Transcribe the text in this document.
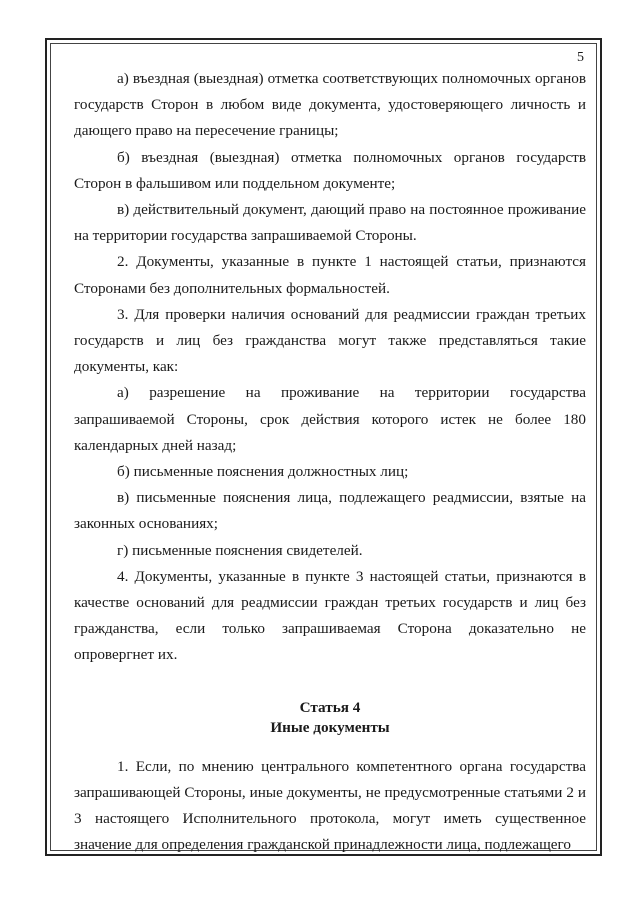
5

а) въездная (выездная) отметка соответствующих полномочных органов государств Сторон в любом виде документа, удостоверяющего личность и дающего право на пересечение границы;

б) въездная (выездная) отметка полномочных органов государств Сторон в фальшивом или поддельном документе;

в) действительный документ, дающий право на постоянное проживание на территории государства запрашиваемой Стороны.

2. Документы, указанные в пункте 1 настоящей статьи, признаются Сторонами без дополнительных формальностей.

3. Для проверки наличия оснований для реадмиссии граждан третьих государств и лиц без гражданства могут также представляться такие документы, как:

а) разрешение на проживание на территории государства запрашиваемой Стороны, срок действия которого истек не более 180 календарных дней назад;

б) письменные пояснения должностных лиц;

в) письменные пояснения лица, подлежащего реадмиссии, взятые на законных основаниях;

г) письменные пояснения свидетелей.

4. Документы, указанные в пункте 3 настоящей статьи, признаются в качестве оснований для реадмиссии граждан третьих государств и лиц без гражданства, если только запрашиваемая Сторона доказательно не опровергнет их.

Статья 4

Иные документы

1. Если, по мнению центрального компетентного органа государства запрашивающей Стороны, иные документы, не предусмотренные статьями 2 и 3 настоящего Исполнительного протокола, могут иметь существенное значение для определения гражданской принадлежности лица, подлежащего
